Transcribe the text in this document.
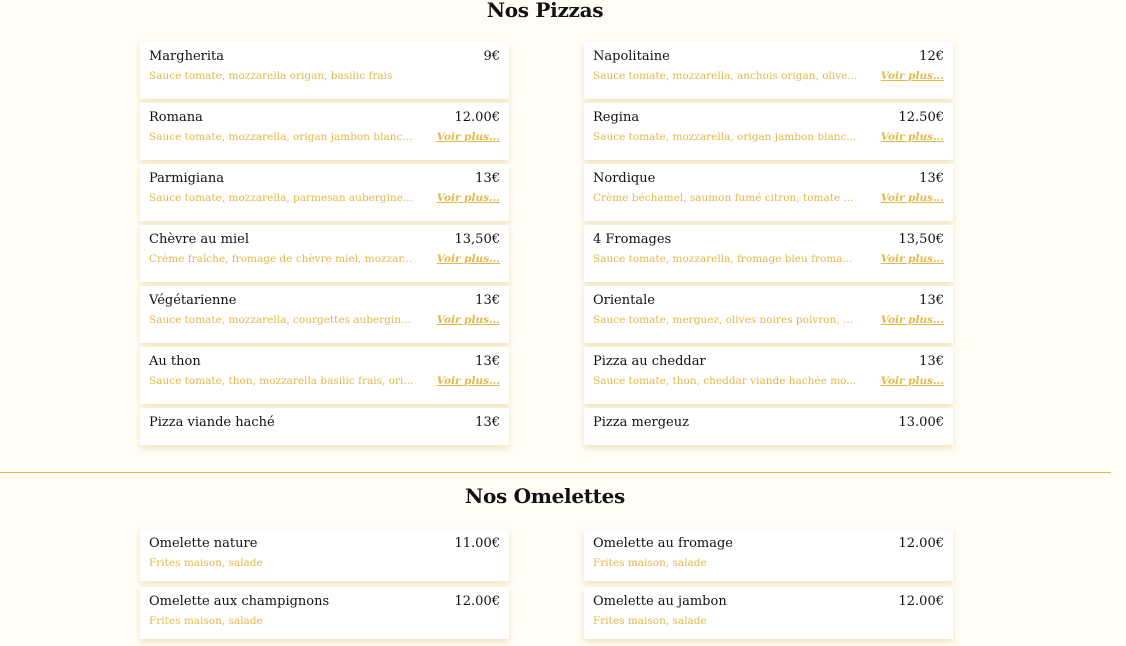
Nos Pizzas
Margherita	9€
Sauce tomate, mozzarella origan, basilic frais
Napolitaine	12€
Sauce tomate, mozzarella, anchois origan, olive... Voir plus...
Romana	12.00€
Sauce tomate, mozzarella, origan jambon blanc... Voir plus...
Regina	12.50€
Sauce tomate, mozzarella, origan jambon blanc... Voir plus...
Parmigiana	13€
Sauce tomate, mozzarella, parmesan aubergine... Voir plus...
Nordique	13€
Crème béchamel, saumon fumé citron, tomate ...	Voir plus...
Chèvre au miel	13,50€
Crème fraîche, fromage de chèvre miel, mozzar... Voir plus...
4 Fromages	13,50€
Sauce tomate, mozzarella, fromage bleu froma...	Voir plus...
Végétarienne	13€
Sauce tomate, mozzarella, courgettes aubergin... Voir plus...
Orientale	13€
Sauce tomate, merguez, olives noires poivron, ...	Voir plus...
Au thon	13€
Sauce tomate, thon, mozzarella basilic frais, ori... Voir plus...
Pizza au cheddar	13€
Sauce tomate, thon, cheddar viande hachée mo... Voir plus...
Pizza viande haché	13€	Pizza mergeuz	13.00€
Nos Omelettes
Omelette nature	11.00€
Frites maison, salade
Omelette au fromage	12.00€
Frites maison, salade
Omelette aux champignons	12.00€
Frites maison, salade
Omelette au jambon	12.00€
Frites maison, salade
